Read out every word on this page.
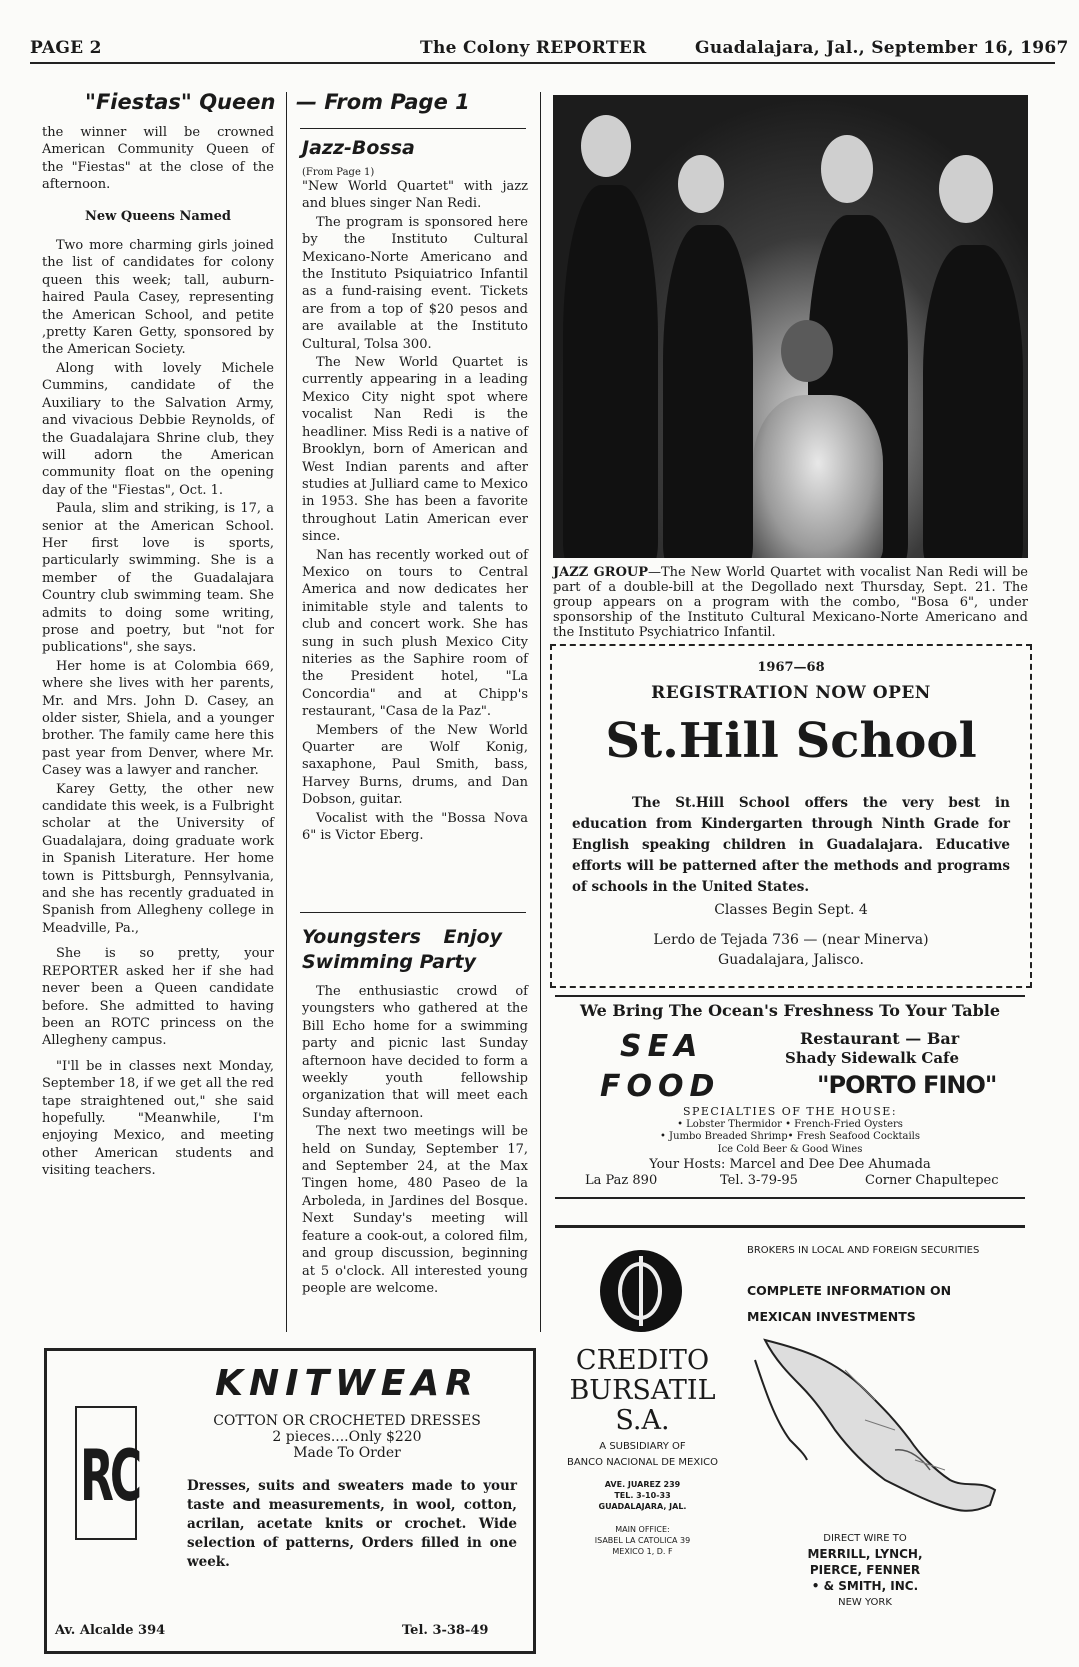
PAGE 2	The Colony REPORTER	Guadalajara, Jal., September 16, 1967
"Fiestas" Queen — From Page 1

the winner will be crowned American Community Queen of the "Fiestas" at the close of the afternoon.

New Queens Named

Two more charming girls joined the list of candidates for colony queen this week; tall, auburn-haired Paula Casey, representing the American School, and petite ,pretty Karen Getty, sponsored by the American Society.

Along with lovely Michele Cummins, candidate of the Auxiliary to the Salvation Army, and vivacious Debbie Reynolds, of the Guadalajara Shrine club, they will adorn the American community float on the opening day of the "Fiestas", Oct. 1.

Paula, slim and striking, is 17, a senior at the American School. Her first love is sports, particularly swimming. She is a member of the Guadalajara Country club swimming team. She admits to doing some writing, prose and poetry, but "not for publications", she says.

Her home is at Colombia 669, where she lives with her parents, Mr. and Mrs. John D. Casey, an older sister, Shiela, and a younger brother. The family came here this past year from Denver, where Mr. Casey was a lawyer and rancher.

Karey Getty, the other new candidate this week, is a Fulbright scholar at the University of Guadalajara, doing graduate work in Spanish Literature. Her home town is Pittsburgh, Pennsylvania, and she has recently graduated in Spanish from Allegheny college in Meadville, Pa.,

She is so pretty, your REPORTER asked her if she had never been a Queen candidate before. She admitted to having been an ROTC princess on the Allegheny campus.

"I'll be in classes next Monday, September 18, if we get all the red tape straightened out," she said hopefully. "Meanwhile, I'm enjoying Mexico, and meeting other American students and visiting teachers.

Jazz-Bossa
(From Page 1)

"New World Quartet" with jazz and blues singer Nan Redi.

The program is sponsored here by the Instituto Cultural Mexicano-Norte Americano and the Instituto Psiquiatrico Infantil as a fund-raising event. Tickets are from a top of $20 pesos and are available at the Instituto Cultural, Tolsa 300.

The New World Quartet is currently appearing in a leading Mexico City night spot where vocalist Nan Redi is the headliner. Miss Redi is a native of Brooklyn, born of American and West Indian parents and after studies at Julliard came to Mexico in 1953. She has been a favorite throughout Latin American ever since.

Nan has recently worked out of Mexico on tours to Central America and now dedicates her inimitable style and talents to club and concert work. She has sung in such plush Mexico City niteries as the Saphire room of the President hotel, "La Concordia" and at Chipp's restaurant, "Casa de la Paz".

Members of the New World Quarter are Wolf Konig, saxaphone, Paul Smith, bass, Harvey Burns, drums, and Dan Dobson, guitar.

Vocalist with the "Bossa Nova 6" is Victor Eberg.

Youngsters Enjoy Swimming Party

The enthusiastic crowd of youngsters who gathered at the Bill Echo home for a swimming party and picnic last Sunday afternoon have decided to form a weekly youth fellowship organization that will meet each Sunday afternoon.

The next two meetings will be held on Sunday, September 17, and September 24, at the Max Tingen home, 480 Paseo de la Arboleda, in Jardines del Bosque. Next Sunday's meeting will feature a cook-out, a colored film, and group discussion, beginning at 5 o'clock. All interested young people are welcome.

JAZZ GROUP—The New World Quartet with vocalist Nan Redi will be part of a double-bill at the Degollado next Thursday, Sept. 21. The group appears on a program with the combo, "Bosa 6", under sponsorship of the Instituto Cultural Mexicano-Norte Americano and the Instituto Psychiatrico Infantil.
1967—68
REGISTRATION NOW OPEN
St.Hill School
The St.Hill School offers the very best in education from Kindergarten through Ninth Grade for English speaking children in Guadalajara. Educative efforts will be patterned after the methods and programs of schools in the United States.
Classes Begin Sept. 4
Lerdo de Tejada 736 — (near Minerva)
Guadalajara, Jalisco.
We Bring The Ocean's Freshness To Your Table
SEA
FOOD
Restaurant — Bar
Shady Sidewalk Cafe
"PORTO FINO"
SPECIALTIES OF THE HOUSE:
• Lobster Thermidor • French-Fried Oysters
• Jumbo Breaded Shrimp• Fresh Seafood Cocktails
Ice Cold Beer & Good Wines
Your Hosts: Marcel and Dee Dee Ahumada
La Paz 890	Tel. 3-79-95	Corner Chapultepec
RC
KNITWEAR
COTTON OR CROCHETED DRESSES
2 pieces....Only $220
Made To Order
Dresses, suits and sweaters made to your taste and measurements, in wool, cotton, acrilan, acetate knits or crochet. Wide selection of patterns, Orders filled in one week.
Av. Alcalde 394	Tel. 3-38-49
CREDITO
BURSATIL
S.A.
A SUBSIDIARY OF
BANCO NACIONAL DE MEXICO
AVE. JUAREZ 239
TEL. 3-10-33
GUADALAJARA, JAL.
MAIN OFFICE:
ISABEL LA CATOLICA 39
MEXICO 1, D. F
BROKERS IN LOCAL AND FOREIGN SECURITIES
COMPLETE INFORMATION ON
MEXICAN INVESTMENTS
DIRECT WIRE TO
MERRILL, LYNCH,
PIERCE, FENNER
• & SMITH, INC.
NEW YORK
